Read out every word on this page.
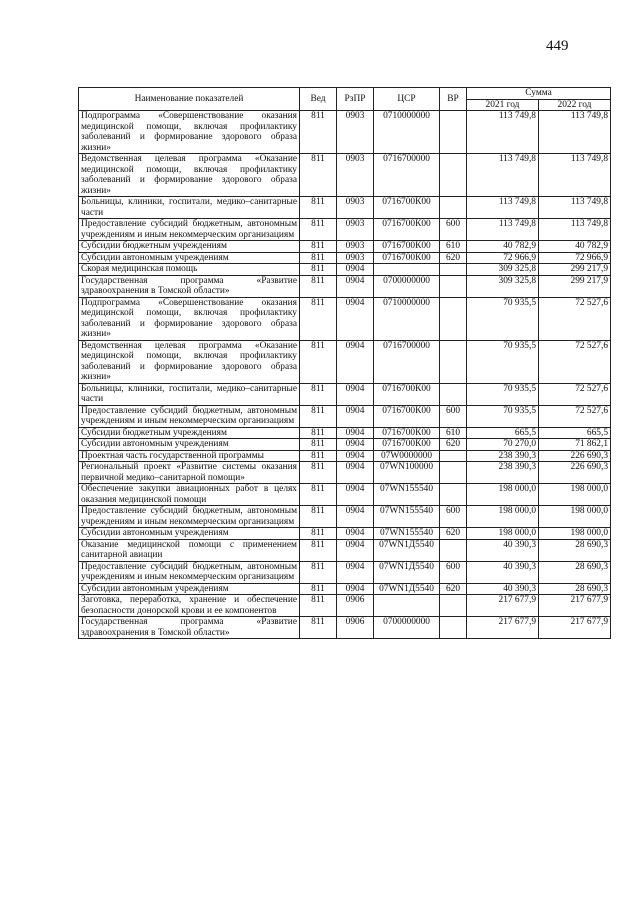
449
Наименование показателей	Вед	РзПР	ЦСР	ВР	Сумма	
					2021 год	2022 год
Подпрограмма «Совершенствование оказания медицинской помощи, включая профилактику заболеваний и формирование здорового образа жизни»	811	0903	0710000000		113 749,8	113 749,8
Ведомственная целевая программа «Оказание медицинской помощи, включая профилактику заболеваний и формирование здорового образа жизни»	811	0903	0716700000		113 749,8	113 749,8
Больницы, клиники, госпитали, медико–санитарные части	811	0903	0716700К00		113 749,8	113 749,8
Предоставление субсидий бюджетным, автономным учреждениям и иным некоммерческим организациям	811	0903	0716700К00	600	113 749,8	113 749,8
Субсидии бюджетным учреждениям	811	0903	0716700К00	610	40 782,9	40 782,9
Субсидии автономным учреждениям	811	0903	0716700К00	620	72 966,9	72 966,9
Скорая медицинская помощь	811	0904			309 325,8	299 217,9
Государственная программа «Развитие здравоохранения в Томской области»	811	0904	0700000000		309 325,8	299 217,9
Подпрограмма «Совершенствование оказания медицинской помощи, включая профилактику заболеваний и формирование здорового образа жизни»	811	0904	0710000000		70 935,5	72 527,6
Ведомственная целевая программа «Оказание медицинской помощи, включая профилактику заболеваний и формирование здорового образа жизни»	811	0904	0716700000		70 935,5	72 527,6
Больницы, клиники, госпитали, медико–санитарные части	811	0904	0716700К00		70 935,5	72 527,6
Предоставление субсидий бюджетным, автономным учреждениям и иным некоммерческим организациям	811	0904	0716700К00	600	70 935,5	72 527,6
Субсидии бюджетным учреждениям	811	0904	0716700К00	610	665,5	665,5
Субсидии автономным учреждениям	811	0904	0716700К00	620	70 270,0	71 862,1
Проектная часть государственной программы	811	0904	07W0000000		238 390,3	226 690,3
Региональный проект «Развитие системы оказания первичной медико–санитарной помощи»	811	0904	07WN100000		238 390,3	226 690,3
Обеспечение закупки авиационных работ в целях оказания медицинской помощи	811	0904	07WN155540		198 000,0	198 000,0
Предоставление субсидий бюджетным, автономным учреждениям и иным некоммерческим организациям	811	0904	07WN155540	600	198 000,0	198 000,0
Субсидии автономным учреждениям	811	0904	07WN155540	620	198 000,0	198 000,0
Оказание медицинской помощи с применением санитарной авиации	811	0904	07WN1Д5540		40 390,3	28 690,3
Предоставление субсидий бюджетным, автономным учреждениям и иным некоммерческим организациям	811	0904	07WN1Д5540	600	40 390,3	28 690,3
Субсидии автономным учреждениям	811	0904	07WN1Д5540	620	40 390,3	28 690,3
Заготовка, переработка, хранение и обеспечение безопасности донорской крови и ее компонентов	811	0906			217 677,9	217 677,9
Государственная программа «Развитие здравоохранения в Томской области»	811	0906	0700000000		217 677,9	217 677,9
